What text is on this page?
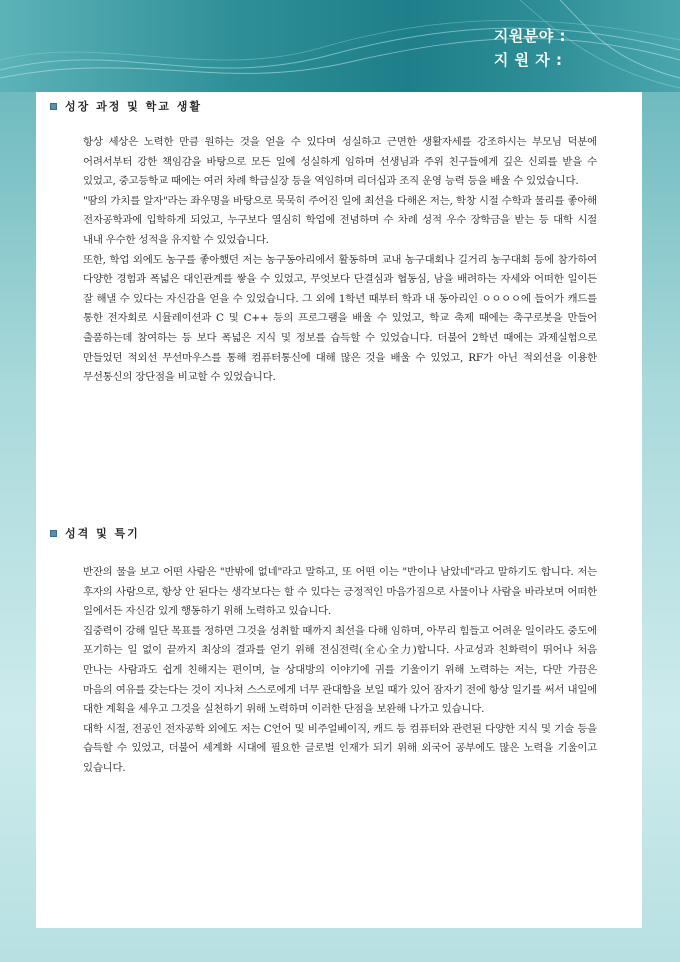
지원분야 :
지 원 자 :
성장 과정 및 학교 생활

항상 세상은 노력한 만큼 원하는 것을 얻을 수 있다며 성실하고 근면한 생활자세를 강조하시는 부모님 덕분에 어려서부터 강한 책임감을 바탕으로 모든 일에 성실하게 임하며 선생님과 주위 친구들에게 깊은 신뢰를 받을 수 있었고, 중고등학교 때에는 여러 차례 학급실장 등을 역임하며 리더십과 조직 운영 능력 등을 배울 수 있었습니다.

"땀의 가치를 알자"라는 좌우명을 바탕으로 묵묵히 주어진 일에 최선을 다해온 저는, 학창 시절 수학과 물리를 좋아해 전자공학과에 입학하게 되었고, 누구보다 열심히 학업에 전념하며 수 차례 성적 우수 장학금을 받는 등 대학 시절 내내 우수한 성적을 유지할 수 있었습니다.

또한, 학업 외에도 농구를 좋아했던 저는 농구동아리에서 활동하며 교내 농구대회나 길거리 농구대회 등에 참가하여 다양한 경험과 폭넓은 대인관계를 쌓을 수 있었고, 무엇보다 단결심과 협동심, 남을 배려하는 자세와 어떠한 일이든 잘 해낼 수 있다는 자신감을 얻을 수 있었습니다. 그 외에 1학년 때부터 학과 내 동아리인 ㅇㅇㅇㅇ에 들어가 캐드를 통한 전자회로 시뮬레이션과 C 및 C++ 등의 프로그램을 배울 수 있었고, 학교 축제 때에는 축구로봇을 만들어 출품하는데 참여하는 등 보다 폭넓은 지식 및 정보를 습득할 수 있었습니다. 더불어 2학년 때에는 과제실험으로 만들었던 적외선 무선마우스를 통해 컴퓨터통신에 대해 많은 것을 배울 수 있었고, RF가 아닌 적외선을 이용한 무선통신의 장단점을 비교할 수 있었습니다.

성격 및 특기

반잔의 물을 보고 어떤 사람은 "반밖에 없네"라고 말하고, 또 어떤 이는 "반이나 남았네"라고 말하기도 합니다. 저는 후자의 사람으로, 항상 안 된다는 생각보다는 할 수 있다는 긍정적인 마음가짐으로 사물이나 사람을 바라보며 어떠한 일에서든 자신감 있게 행동하기 위해 노력하고 있습니다.

집중력이 강해 일단 목표를 정하면 그것을 성취할 때까지 최선을 다해 임하며, 아무리 힘들고 어려운 일이라도 중도에 포기하는 일 없이 끝까지 최상의 결과를 얻기 위해 전심전력(全心全力)합니다. 사교성과 친화력이 뛰어나 처음 만나는 사람과도 쉽게 친해지는 편이며, 늘 상대방의 이야기에 귀를 기울이기 위해 노력하는 저는, 다만 가끔은 마음의 여유를 갖는다는 것이 지나쳐 스스로에게 너무 관대함을 보일 때가 있어 잠자기 전에 항상 일기를 써서 내일에 대한 계획을 세우고 그것을 실천하기 위해 노력하며 이러한 단점을 보완해 나가고 있습니다.

대학 시절, 전공인 전자공학 외에도 저는 C언어 및 비주얼베이직, 캐드 등 컴퓨터와 관련된 다양한 지식 및 기술 등을 습득할 수 있었고, 더불어 세계화 시대에 필요한 글로벌 인재가 되기 위해 외국어 공부에도 많은 노력을 기울이고 있습니다.
